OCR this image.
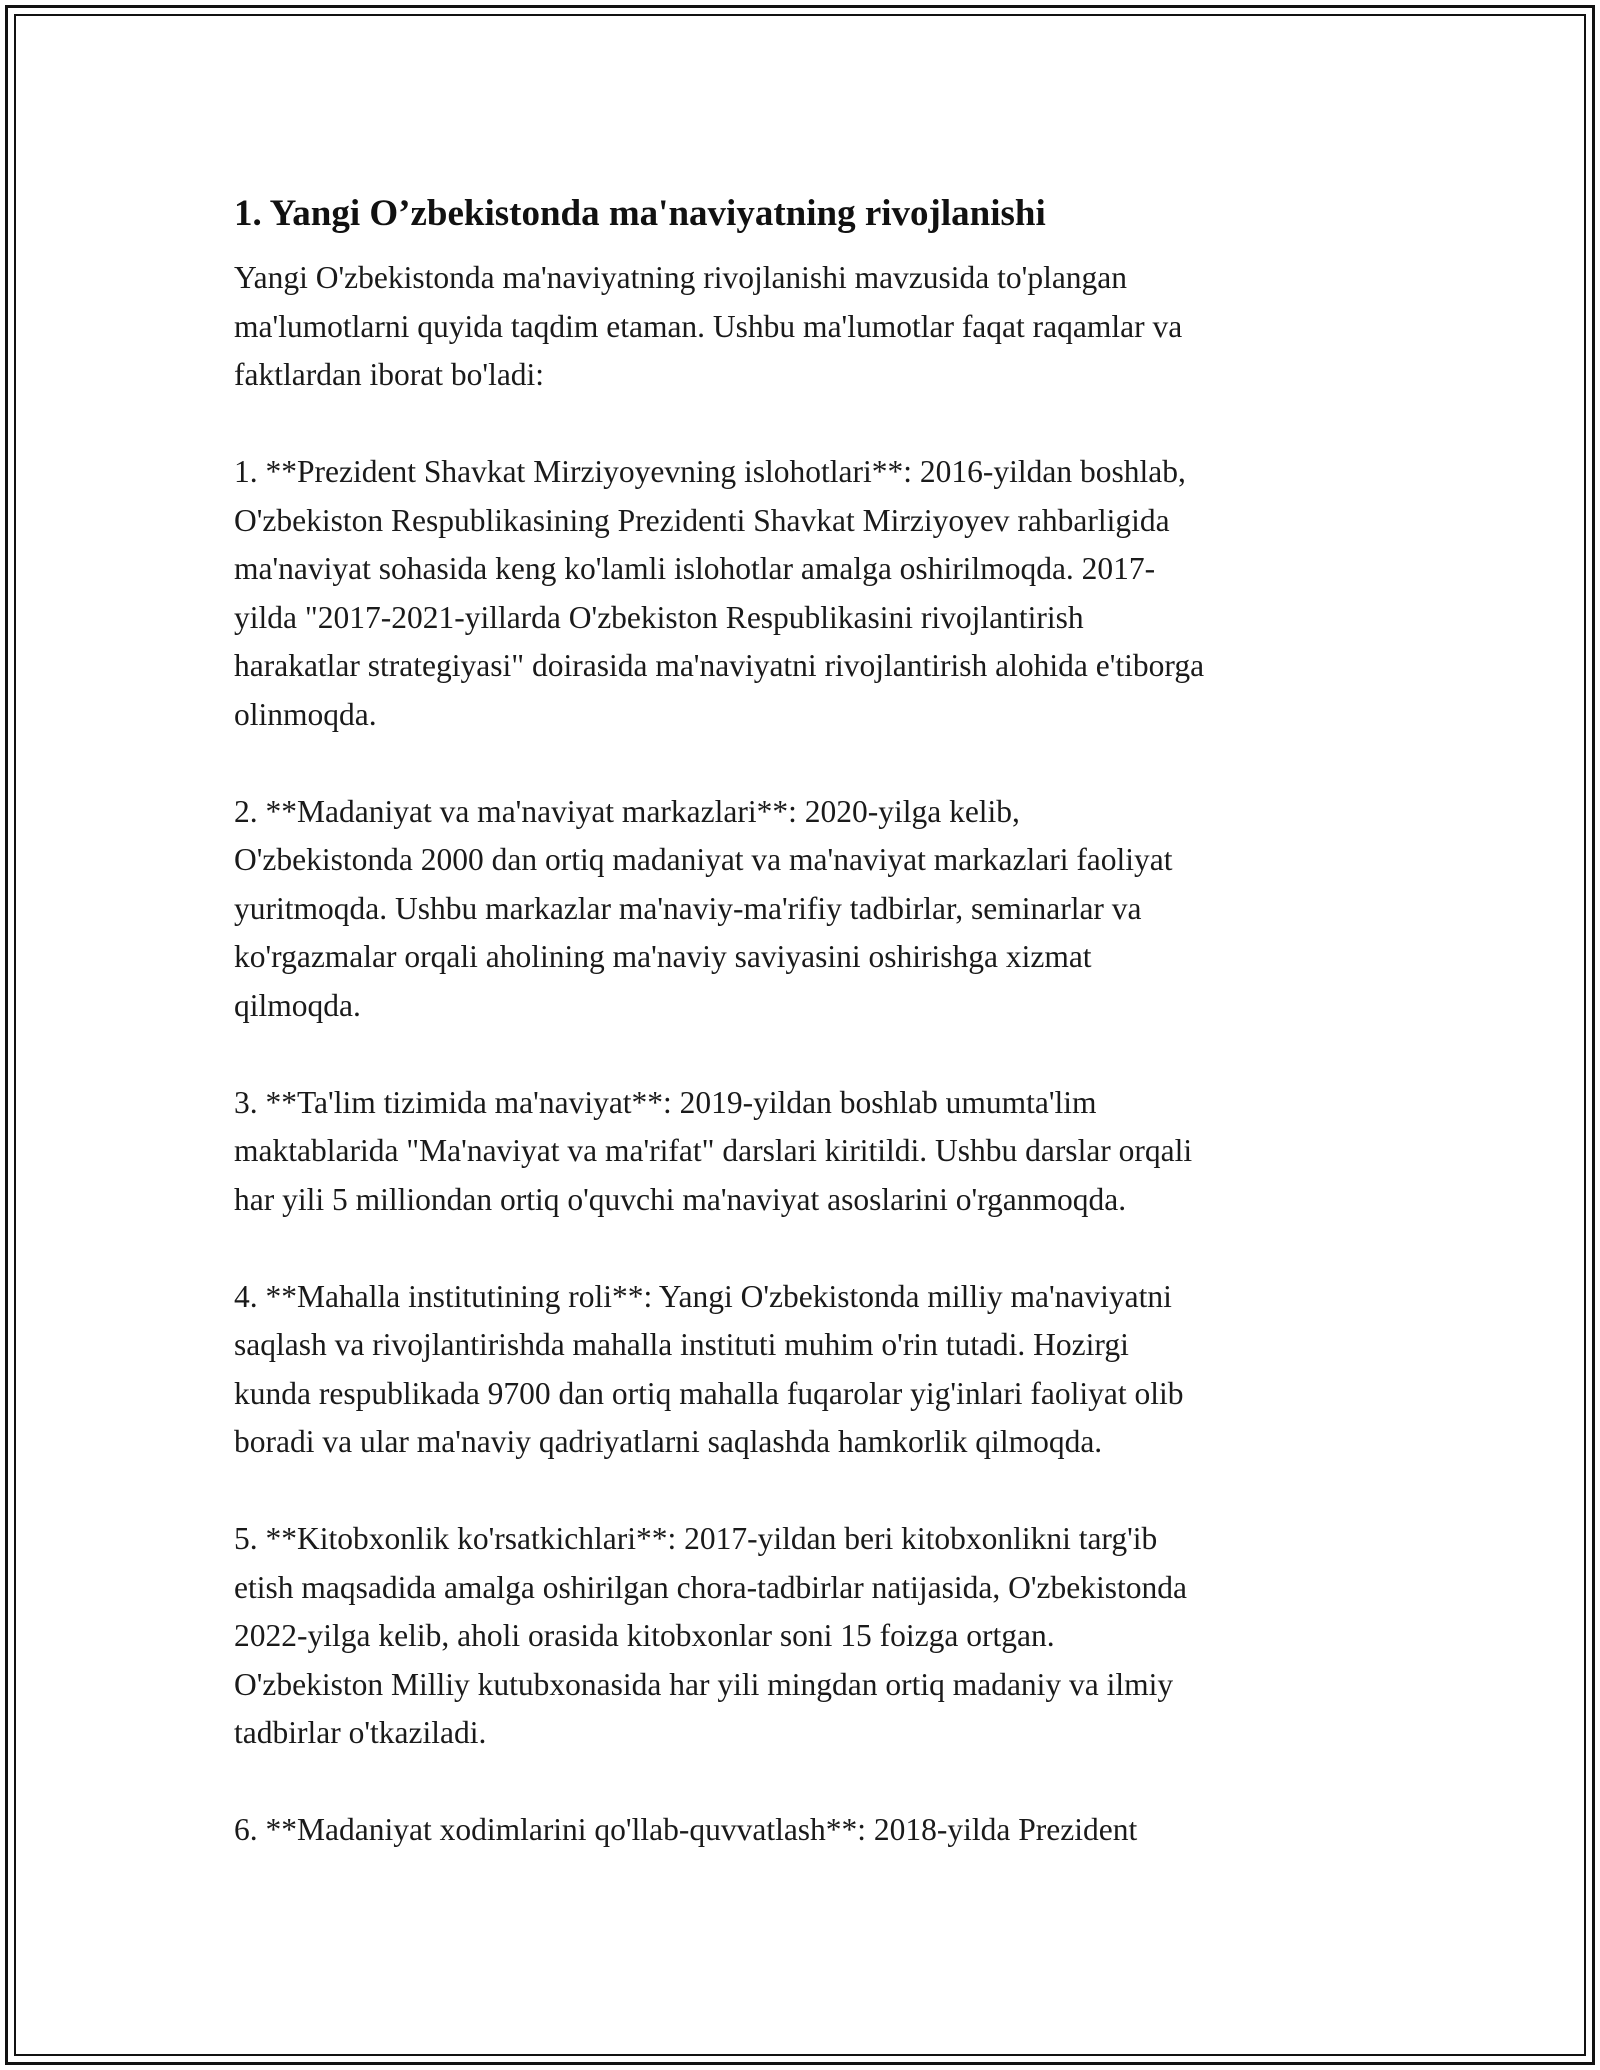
1. Yangi O’zbekistonda ma'naviyatning rivojlanishi

Yangi O'zbekistonda ma'naviyatning rivojlanishi mavzusida to'plangan
ma'lumotlarni quyida taqdim etaman. Ushbu ma'lumotlar faqat raqamlar va
faktlardan iborat bo'ladi:

1. **Prezident Shavkat Mirziyoyevning islohotlari**: 2016-yildan boshlab,
O'zbekiston Respublikasining Prezidenti Shavkat Mirziyoyev rahbarligida
ma'naviyat sohasida keng ko'lamli islohotlar amalga oshirilmoqda. 2017-
yilda "2017-2021-yillarda O'zbekiston Respublikasini rivojlantirish
harakatlar strategiyasi" doirasida ma'naviyatni rivojlantirish alohida e'tiborga
olinmoqda.

2. **Madaniyat va ma'naviyat markazlari**: 2020-yilga kelib,
O'zbekistonda 2000 dan ortiq madaniyat va ma'naviyat markazlari faoliyat
yuritmoqda. Ushbu markazlar ma'naviy-ma'rifiy tadbirlar, seminarlar va
ko'rgazmalar orqali aholining ma'naviy saviyasini oshirishga xizmat
qilmoqda.

3. **Ta'lim tizimida ma'naviyat**: 2019-yildan boshlab umumta'lim
maktablarida "Ma'naviyat va ma'rifat" darslari kiritildi. Ushbu darslar orqali
har yili 5 milliondan ortiq o'quvchi ma'naviyat asoslarini o'rganmoqda.

4. **Mahalla institutining roli**: Yangi O'zbekistonda milliy ma'naviyatni
saqlash va rivojlantirishda mahalla instituti muhim o'rin tutadi. Hozirgi
kunda respublikada 9700 dan ortiq mahalla fuqarolar yig'inlari faoliyat olib
boradi va ular ma'naviy qadriyatlarni saqlashda hamkorlik qilmoqda.

5. **Kitobxonlik ko'rsatkichlari**: 2017-yildan beri kitobxonlikni targ'ib
etish maqsadida amalga oshirilgan chora-tadbirlar natijasida, O'zbekistonda
2022-yilga kelib, aholi orasida kitobxonlar soni 15 foizga ortgan.
O'zbekiston Milliy kutubxonasida har yili mingdan ortiq madaniy va ilmiy
tadbirlar o'tkaziladi.

6. **Madaniyat xodimlarini qo'llab-quvvatlash**: 2018-yilda Prezident
